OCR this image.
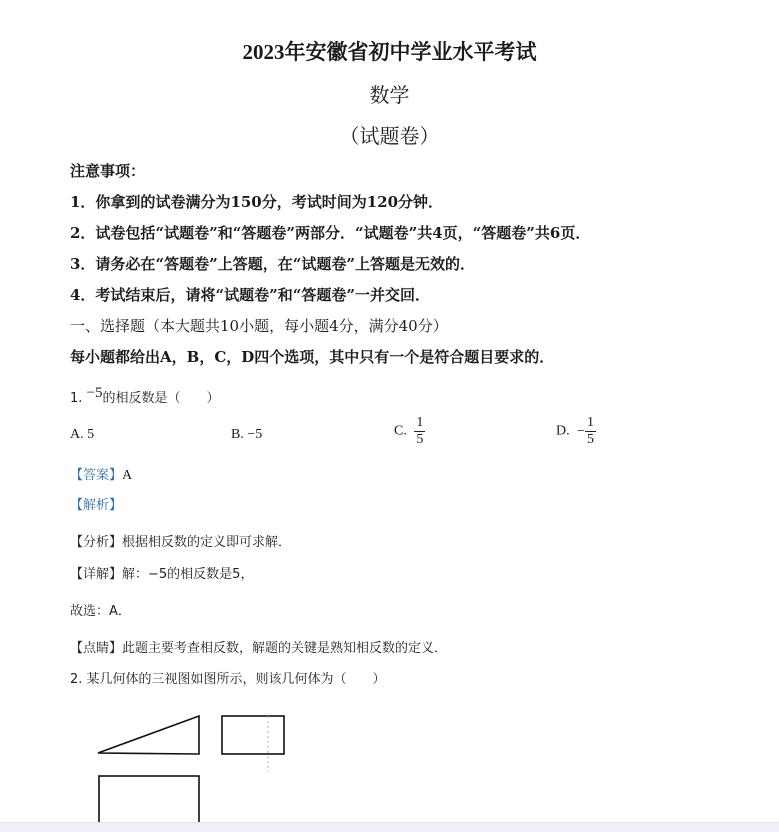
2023年安徽省初中学业水平考试
数学
（试题卷）
注意事项：
1．你拿到的试卷满分为150分，考试时间为120分钟．
2．试卷包括“试题卷”和“答题卷”两部分．“试题卷”共4页，“答题卷”共6页．
3．请务必在“答题卷”上答题，在“试题卷”上答题是无效的．
4．考试结束后，请将“试题卷”和“答题卷”一并交回．
一、选择题（本大题共10小题，每小题4分，满分40分）
每小题都给出A，B，C，D四个选项，其中只有一个是符合题目要求的．
1. −5的相反数是（　　）
A. 5	B. −5	C. $\frac{1}{5}$	D. − $\frac{1}{5}$
【答案】A
【解析】
【分析】根据相反数的定义即可求解．
【详解】解：−5的相反数是5，
故选：A．
【点睛】此题主要考查相反数，解题的关键是熟知相反数的定义．
2. 某几何体的三视图如图所示，则该几何体为（　　）
